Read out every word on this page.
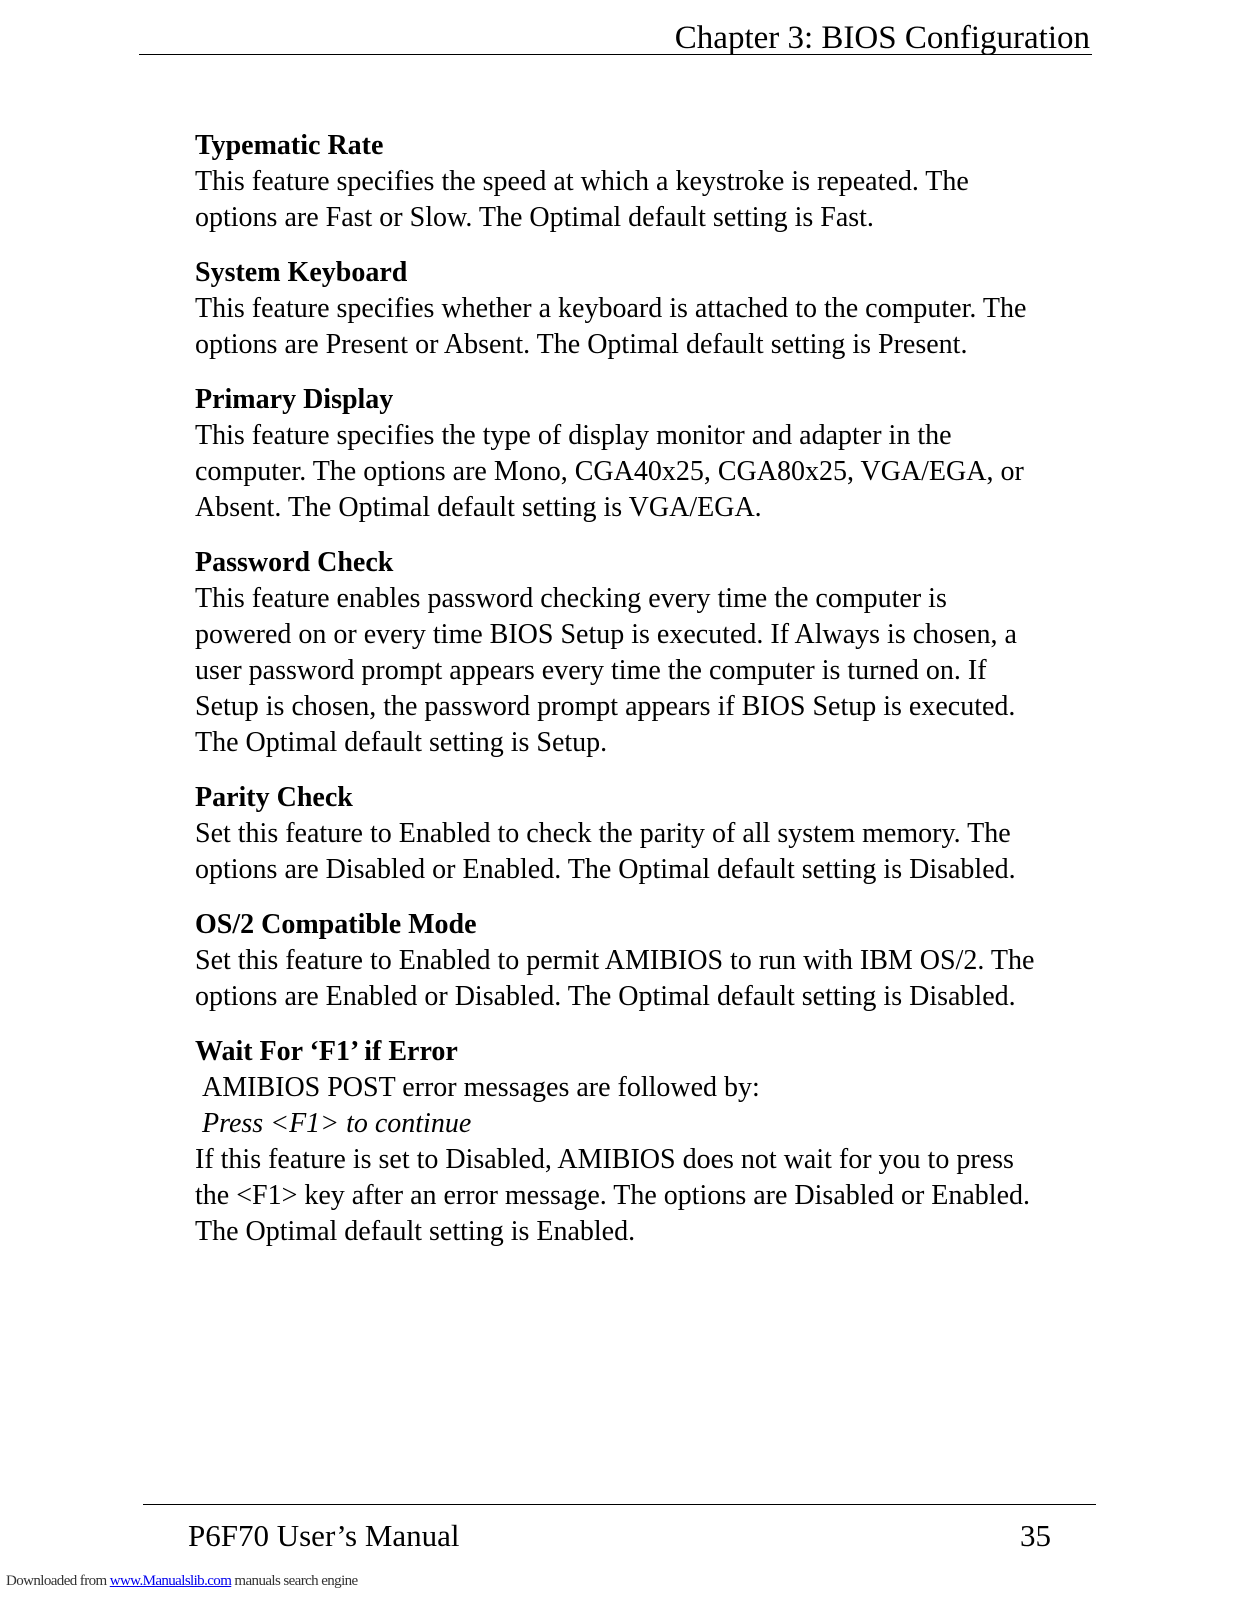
Chapter 3: BIOS Configuration
Typematic Rate
This feature specifies the speed at which a keystroke is repeated. The
options are Fast or Slow. The Optimal default setting is Fast.
System Keyboard
This feature specifies whether a keyboard is attached to the computer. The
options are Present or Absent. The Optimal default setting is Present.
Primary Display
This feature specifies the type of display monitor and adapter in the
computer. The options are Mono, CGA40x25, CGA80x25, VGA/EGA, or
Absent. The Optimal default setting is VGA/EGA.
Password Check
This feature enables password checking every time the computer is
powered on or every time BIOS Setup is executed. If Always is chosen, a
user password prompt appears every time the computer is turned on. If
Setup is chosen, the password prompt appears if BIOS Setup is executed.
The Optimal default setting is Setup.
Parity Check
Set this feature to Enabled to check the parity of all system memory. The
options are Disabled or Enabled. The Optimal default setting is Disabled.
OS/2 Compatible Mode
Set this feature to Enabled to permit AMIBIOS to run with IBM OS/2. The
options are Enabled or Disabled. The Optimal default setting is Disabled.
Wait For ‘F1’ if Error
AMIBIOS POST error messages are followed by:
Press <F1> to continue
If this feature is set to Disabled, AMIBIOS does not wait for you to press
the <F1> key after an error message. The options are Disabled or Enabled.
The Optimal default setting is Enabled.
P6F70 User’s Manual	35
Downloaded from www.Manualslib.com manuals search engine
